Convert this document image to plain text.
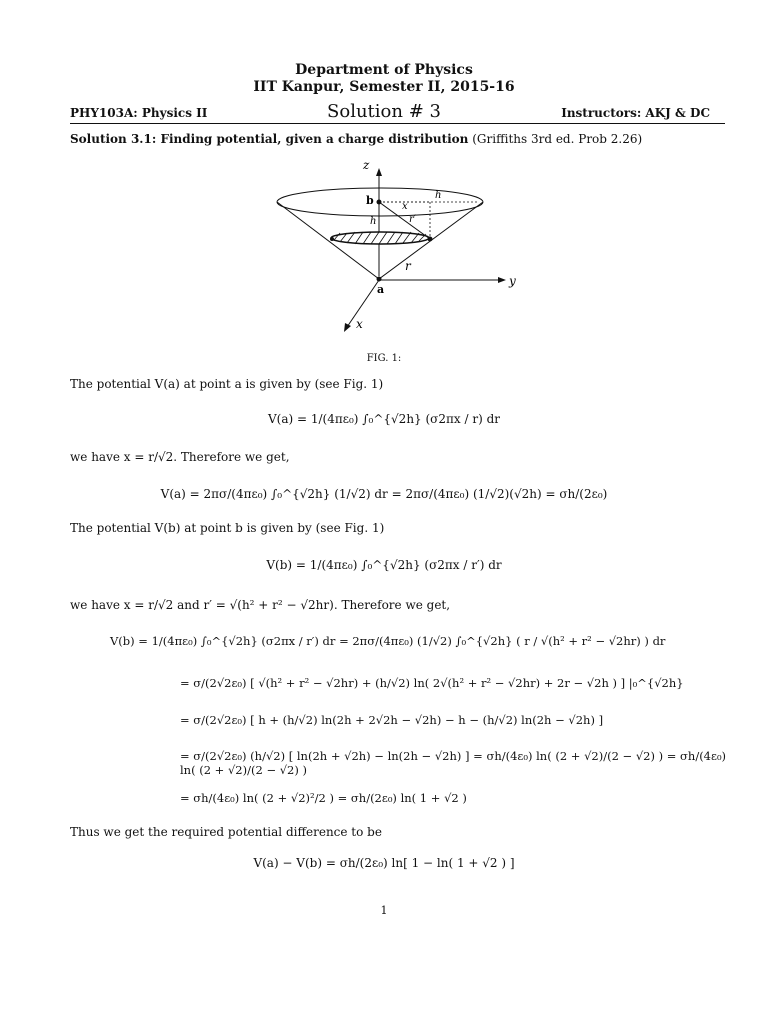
Department of Physics
IIT Kanpur, Semester II, 2015-16
PHY103A: Physics II	Solution # 3	Instructors: AKJ & DC
Solution 3.1: Finding potential, given a charge distribution (Griffiths 3rd ed. Prob 2.26)
z
y
x
a
b	h
h
x
r′
r
FIG. 1:
The potential V(a) at point a is given by (see Fig. 1)
V(a) = 1/(4πε₀) ∫₀^{√2h} (σ2πx / r) dr
we have x = r/√2. Therefore we get,
V(a) = 2πσ/(4πε₀) ∫₀^{√2h} (1/√2) dr = 2πσ/(4πε₀) (1/√2)(√2h) = σh/(2ε₀)
The potential V(b) at point b is given by (see Fig. 1)
V(b) = 1/(4πε₀) ∫₀^{√2h} (σ2πx / r′) dr
we have x = r/√2 and r′ = √(h² + r² − √2hr). Therefore we get,
V(b) = 1/(4πε₀) ∫₀^{√2h} (σ2πx / r′) dr = 2πσ/(4πε₀) (1/√2) ∫₀^{√2h} ( r / √(h² + r² − √2hr) ) dr
= σ/(2√2ε₀) [ √(h² + r² − √2hr) + (h/√2) ln( 2√(h² + r² − √2hr) + 2r − √2h ) ] |₀^{√2h}
= σ/(2√2ε₀) [ h + (h/√2) ln(2h + 2√2h − √2h) − h − (h/√2) ln(2h − √2h) ]
= σ/(2√2ε₀) (h/√2) [ ln(2h + √2h) − ln(2h − √2h) ] = σh/(4ε₀) ln( (2 + √2)/(2 − √2) ) = σh/(4ε₀) ln( (2 + √2)/(2 − √2) )
= σh/(4ε₀) ln( (2 + √2)²/2 ) = σh/(2ε₀) ln( 1 + √2 )
Thus we get the required potential difference to be
V(a) − V(b) = σh/(2ε₀) ln[ 1 − ln( 1 + √2 ) ]
1
